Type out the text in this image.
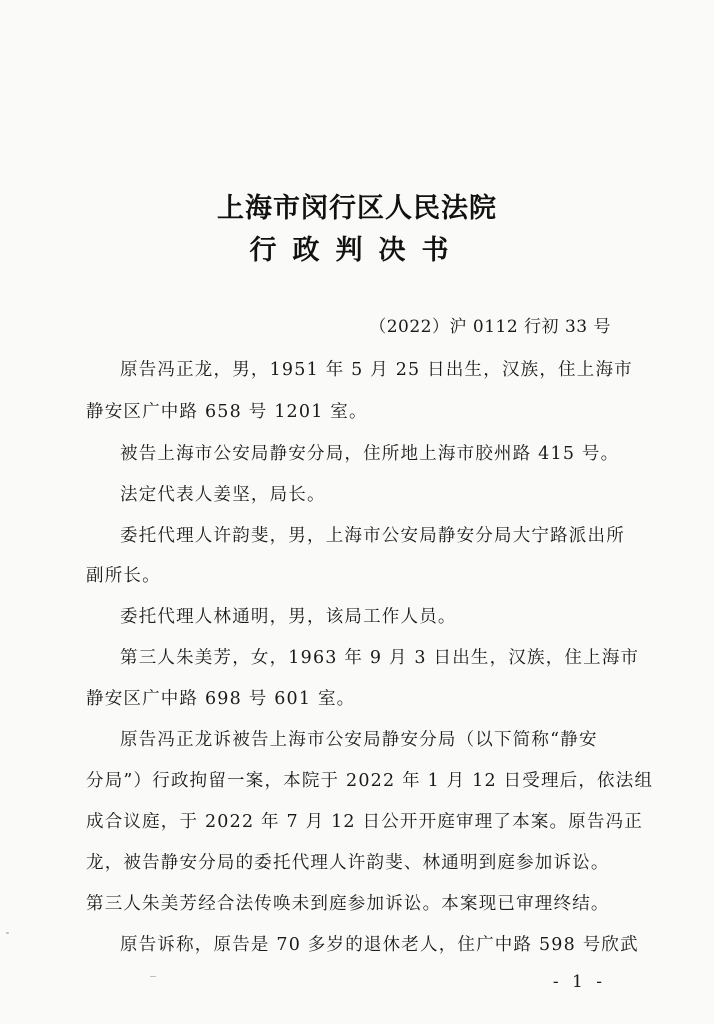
上海市闵行区人民法院
行政判决书
（2022）沪 0112 行初 33 号
原告冯正龙，男，1951 年 5 月 25 日出生，汉族，住上海市
静安区广中路 658 号 1201 室。
被告上海市公安局静安分局，住所地上海市胶州路 415 号。
法定代表人姜坚，局长。
委托代理人许韵斐，男，上海市公安局静安分局大宁路派出所
副所长。
委托代理人林通明，男，该局工作人员。
第三人朱美芳，女，1963 年 9 月 3 日出生，汉族，住上海市
静安区广中路 698 号 601 室。
原告冯正龙诉被告上海市公安局静安分局（以下简称“静安
分局”）行政拘留一案，本院于 2022 年 1 月 12 日受理后，依法组
成合议庭，于 2022 年 7 月 12 日公开开庭审理了本案。原告冯正
龙，被告静安分局的委托代理人许韵斐、林通明到庭参加诉讼。
第三人朱美芳经合法传唤未到庭参加诉讼。本案现已审理终结。
原告诉称，原告是 70 多岁的退休老人，住广中路 598 号欣武
- 1 -
